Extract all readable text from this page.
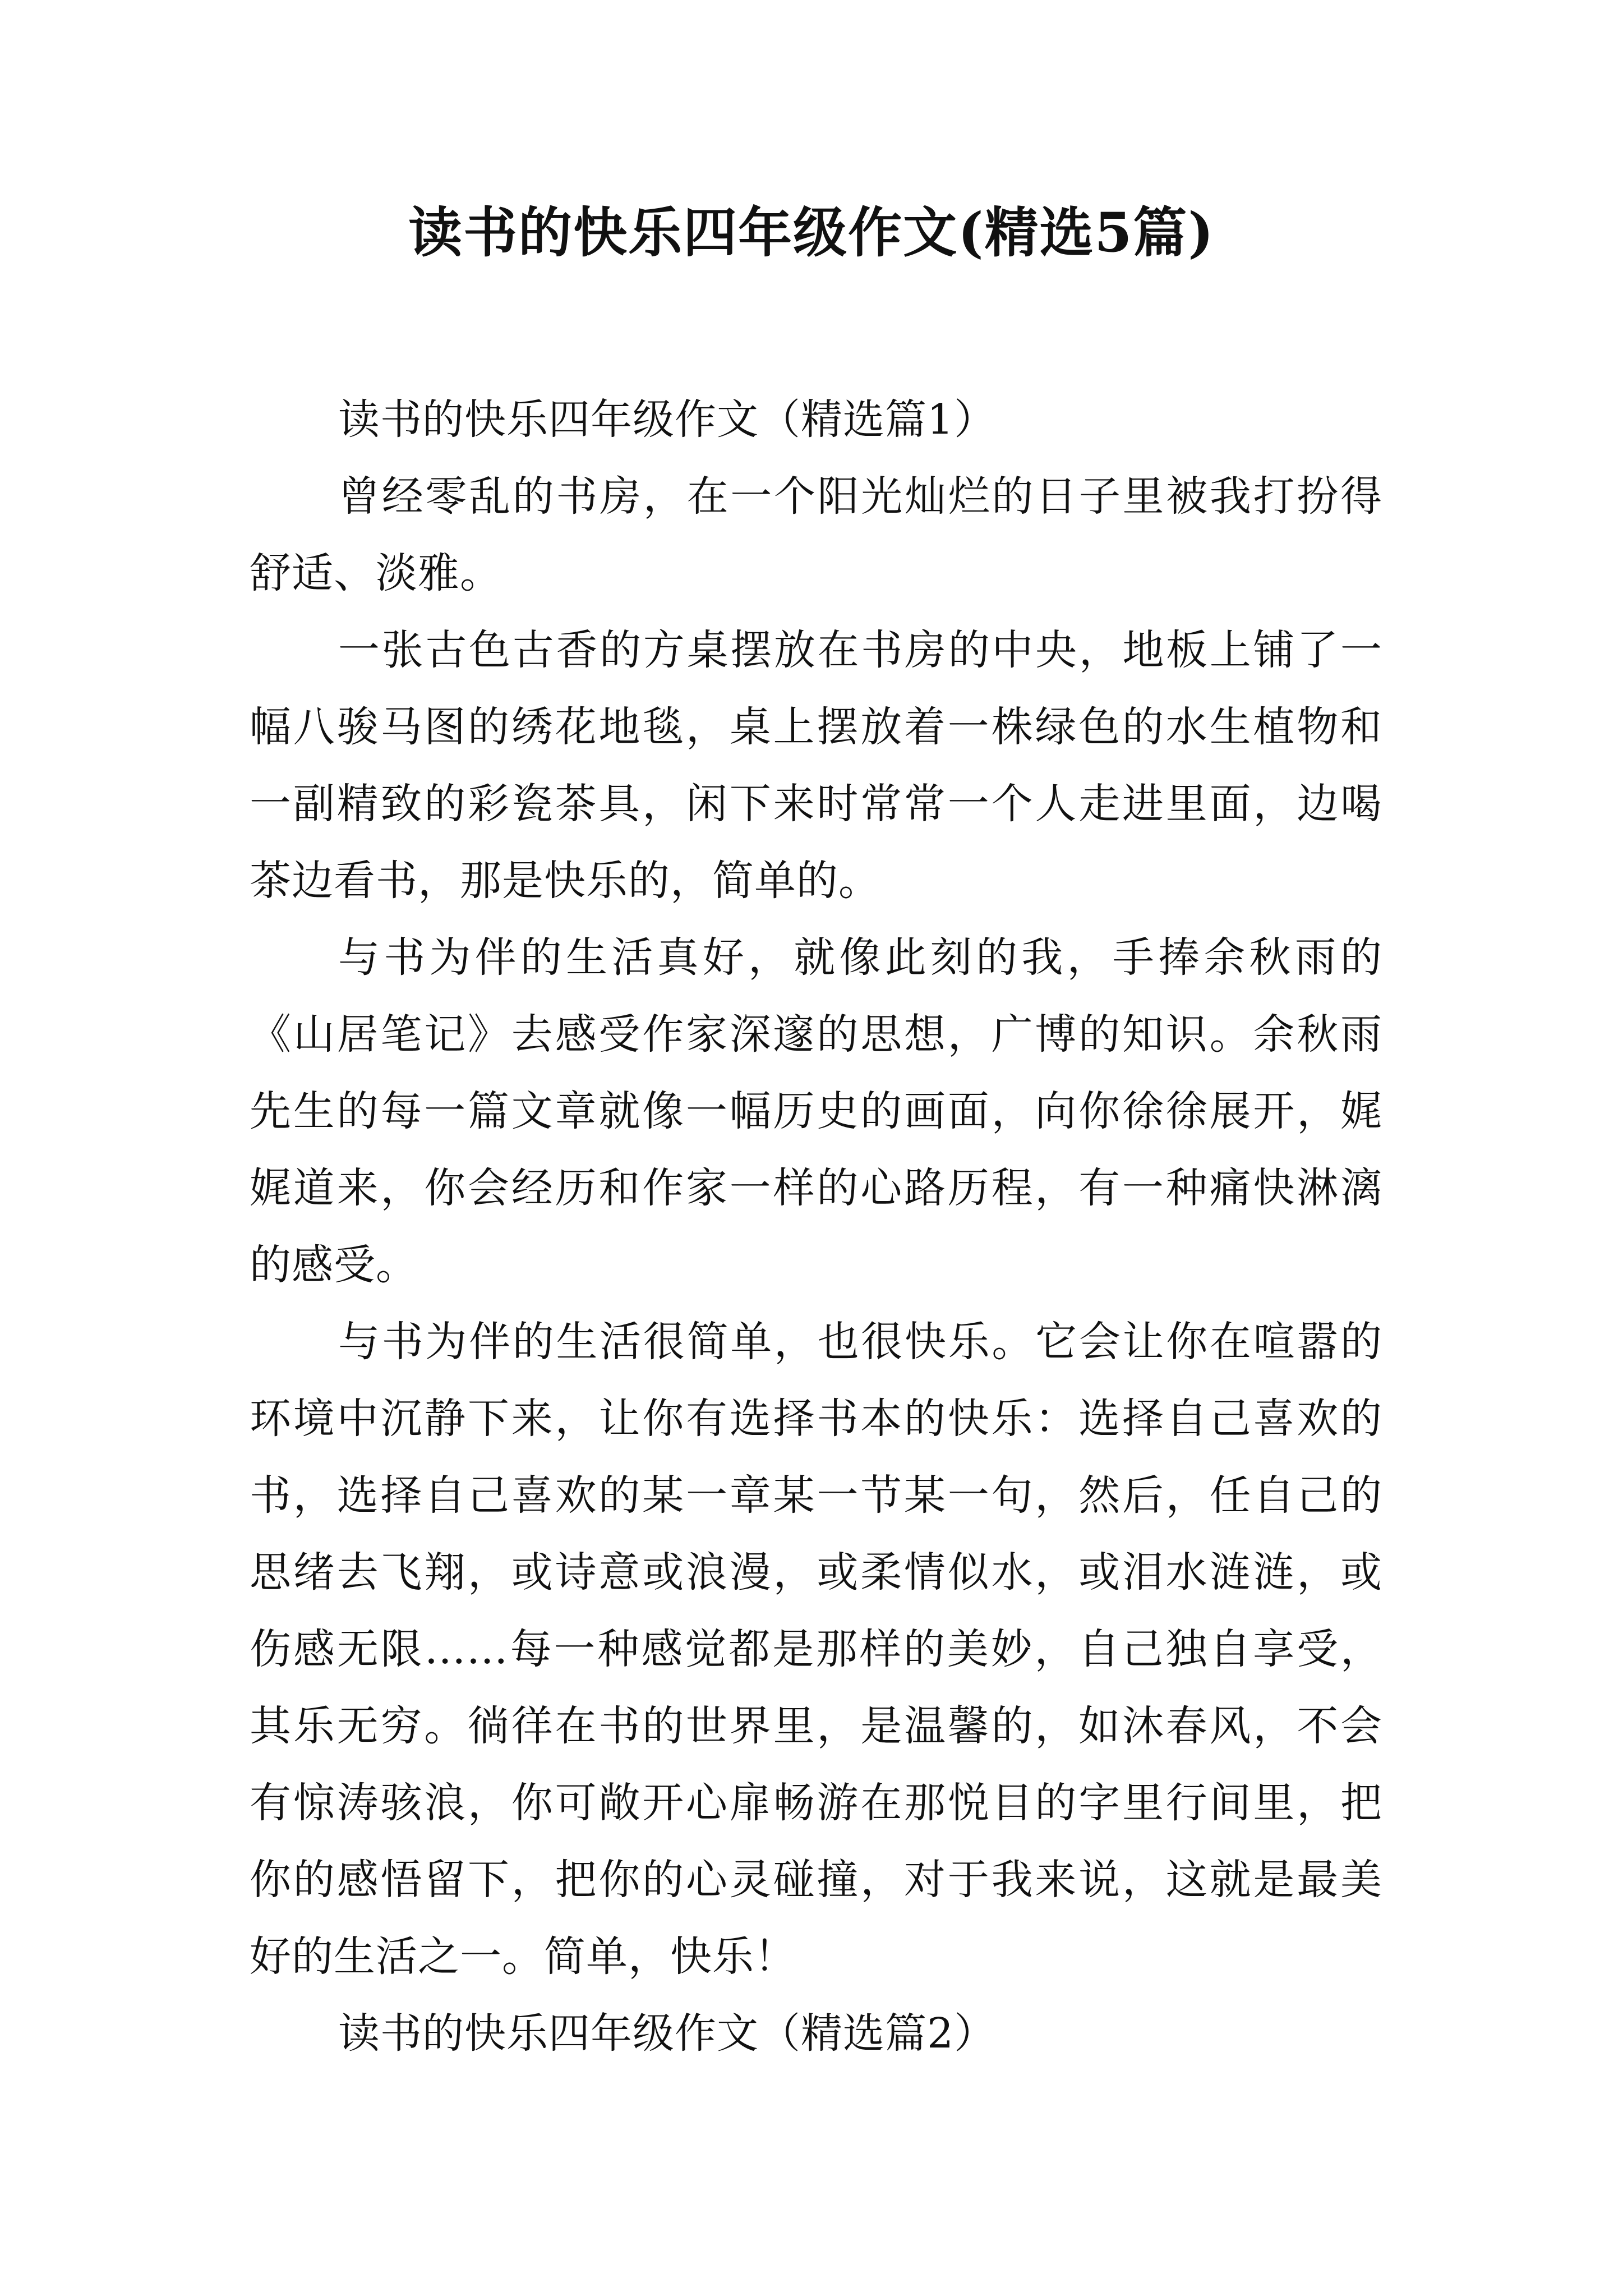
读书的快乐四年级作文(精选5篇)

读书的快乐四年级作文（精选篇1）

曾经零乱的书房，在一个阳光灿烂的日子里被我打扮得舒适、淡雅。

一张古色古香的方桌摆放在书房的中央，地板上铺了一幅八骏马图的绣花地毯，桌上摆放着一株绿色的水生植物和一副精致的彩瓷茶具，闲下来时常常一个人走进里面，边喝茶边看书，那是快乐的，简单的。

与书为伴的生活真好，就像此刻的我，手捧余秋雨的《山居笔记》去感受作家深邃的思想，广博的知识。余秋雨先生的每一篇文章就像一幅历史的画面，向你徐徐展开，娓娓道来，你会经历和作家一样的心路历程，有一种痛快淋漓的感受。

与书为伴的生活很简单，也很快乐。它会让你在喧嚣的环境中沉静下来，让你有选择书本的快乐：选择自己喜欢的书，选择自己喜欢的某一章某一节某一句，然后，任自己的思绪去飞翔，或诗意或浪漫，或柔情似水，或泪水涟涟，或伤感无限……每一种感觉都是那样的美妙，自己独自享受，其乐无穷。徜徉在书的世界里，是温馨的，如沐春风，不会有惊涛骇浪，你可敞开心扉畅游在那悦目的字里行间里，把你的感悟留下，把你的心灵碰撞，对于我来说，这就是最美好的生活之一。简单，快乐！

读书的快乐四年级作文（精选篇2）
